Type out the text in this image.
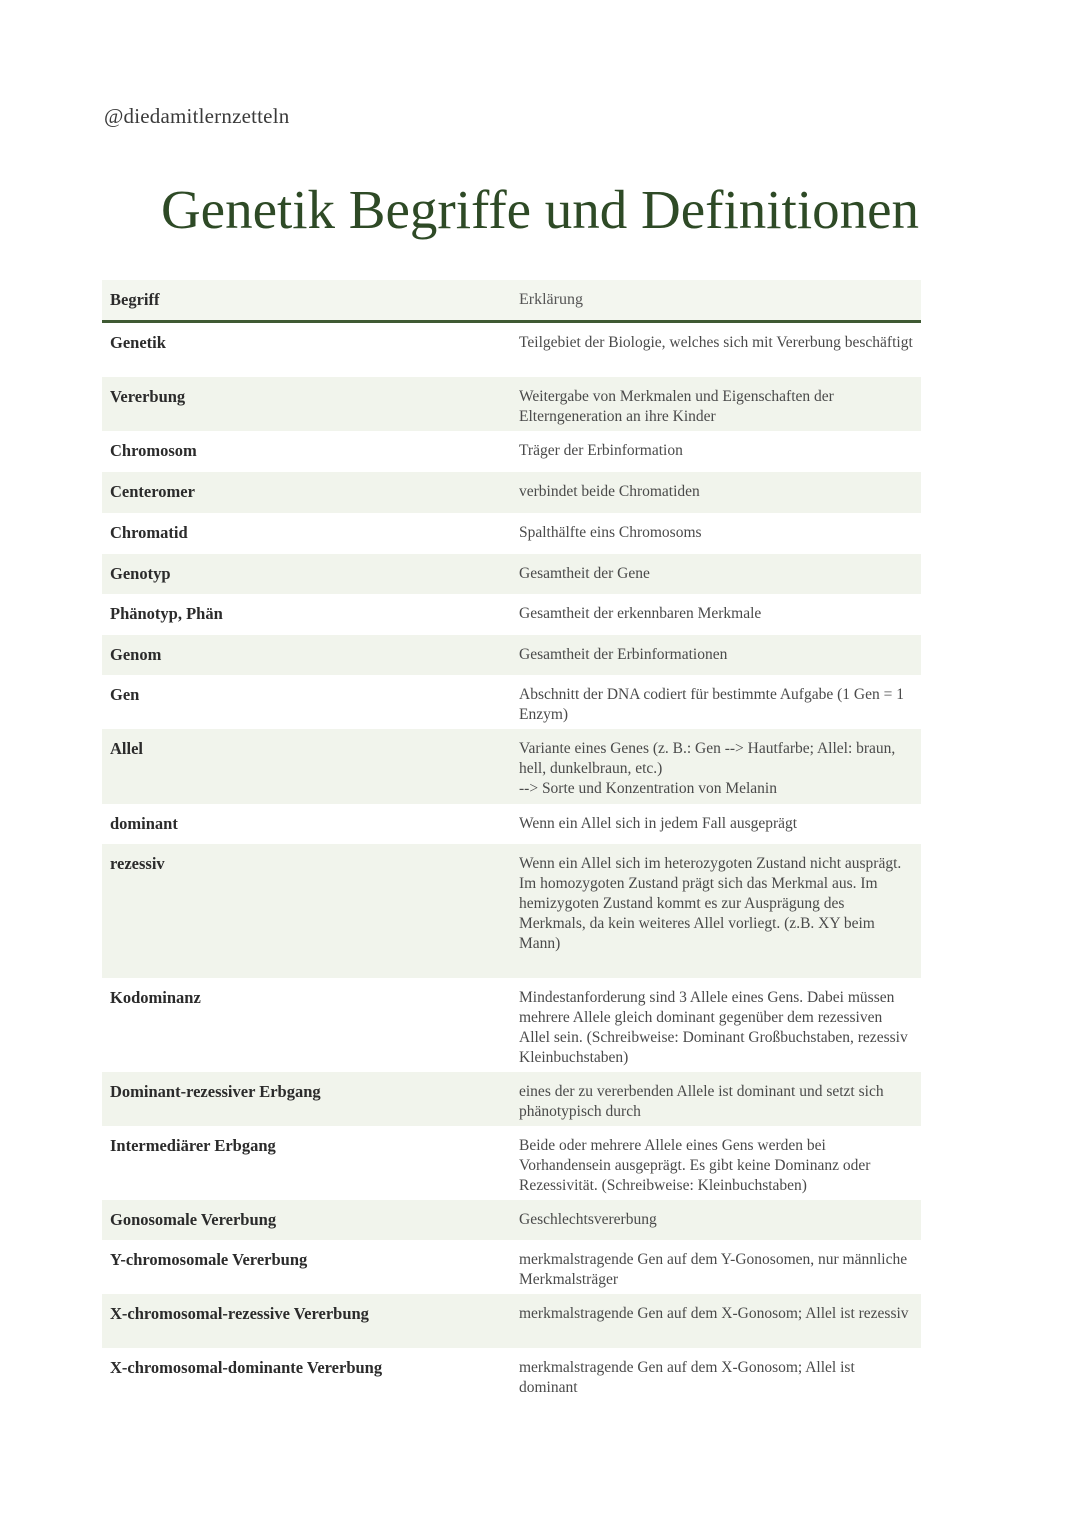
@diedamitlernzetteln
Genetik Begriffe und Definitionen
Begriff	Erklärung
Genetik	Teilgebiet der Biologie, welches sich mit Vererbung beschäftigt
Vererbung	Weitergabe von Merkmalen und Eigenschaften der Elterngeneration an ihre Kinder
Chromosom	Träger der Erbinformation
Centeromer	verbindet beide Chromatiden
Chromatid	Spalthälfte eins Chromosoms
Genotyp	Gesamtheit der Gene
Phänotyp, Phän	Gesamtheit der erkennbaren Merkmale
Genom	Gesamtheit der Erbinformationen
Gen	Abschnitt der DNA codiert für bestimmte Aufgabe (1 Gen = 1 Enzym)
Allel	Variante eines Genes (z. B.: Gen --> Hautfarbe; Allel: braun, hell, dunkelbraun, etc.)
--> Sorte und Konzentration von Melanin
dominant	Wenn ein Allel sich in jedem Fall ausgeprägt
rezessiv	Wenn ein Allel sich im heterozygoten Zustand nicht ausprägt. Im homozygoten Zustand prägt sich das Merkmal aus. Im hemizygoten Zustand kommt es zur Ausprägung des Merkmals, da kein weiteres Allel vorliegt. (z.B. XY beim Mann)
Kodominanz	Mindestanforderung sind 3 Allele eines Gens. Dabei müssen mehrere Allele gleich dominant gegenüber dem rezessiven Allel sein. (Schreibweise: Dominant Großbuchstaben, rezessiv Kleinbuchstaben)
Dominant-rezessiver Erbgang	eines der zu vererbenden Allele ist dominant und setzt sich phänotypisch durch
Intermediärer Erbgang	Beide oder mehrere Allele eines Gens werden bei Vorhandensein ausgeprägt. Es gibt keine Dominanz oder Rezessivität. (Schreibweise: Kleinbuchstaben)
Gonosomale Vererbung	Geschlechtsvererbung
Y-chromosomale Vererbung	merkmalstragende Gen auf dem Y-Gonosomen, nur männliche Merkmalsträger
X-chromosomal-rezessive Vererbung	merkmalstragende Gen auf dem X-Gonosom; Allel ist rezessiv
X-chromosomal-dominante Vererbung	merkmalstragende Gen auf dem X-Gonosom; Allel ist dominant
